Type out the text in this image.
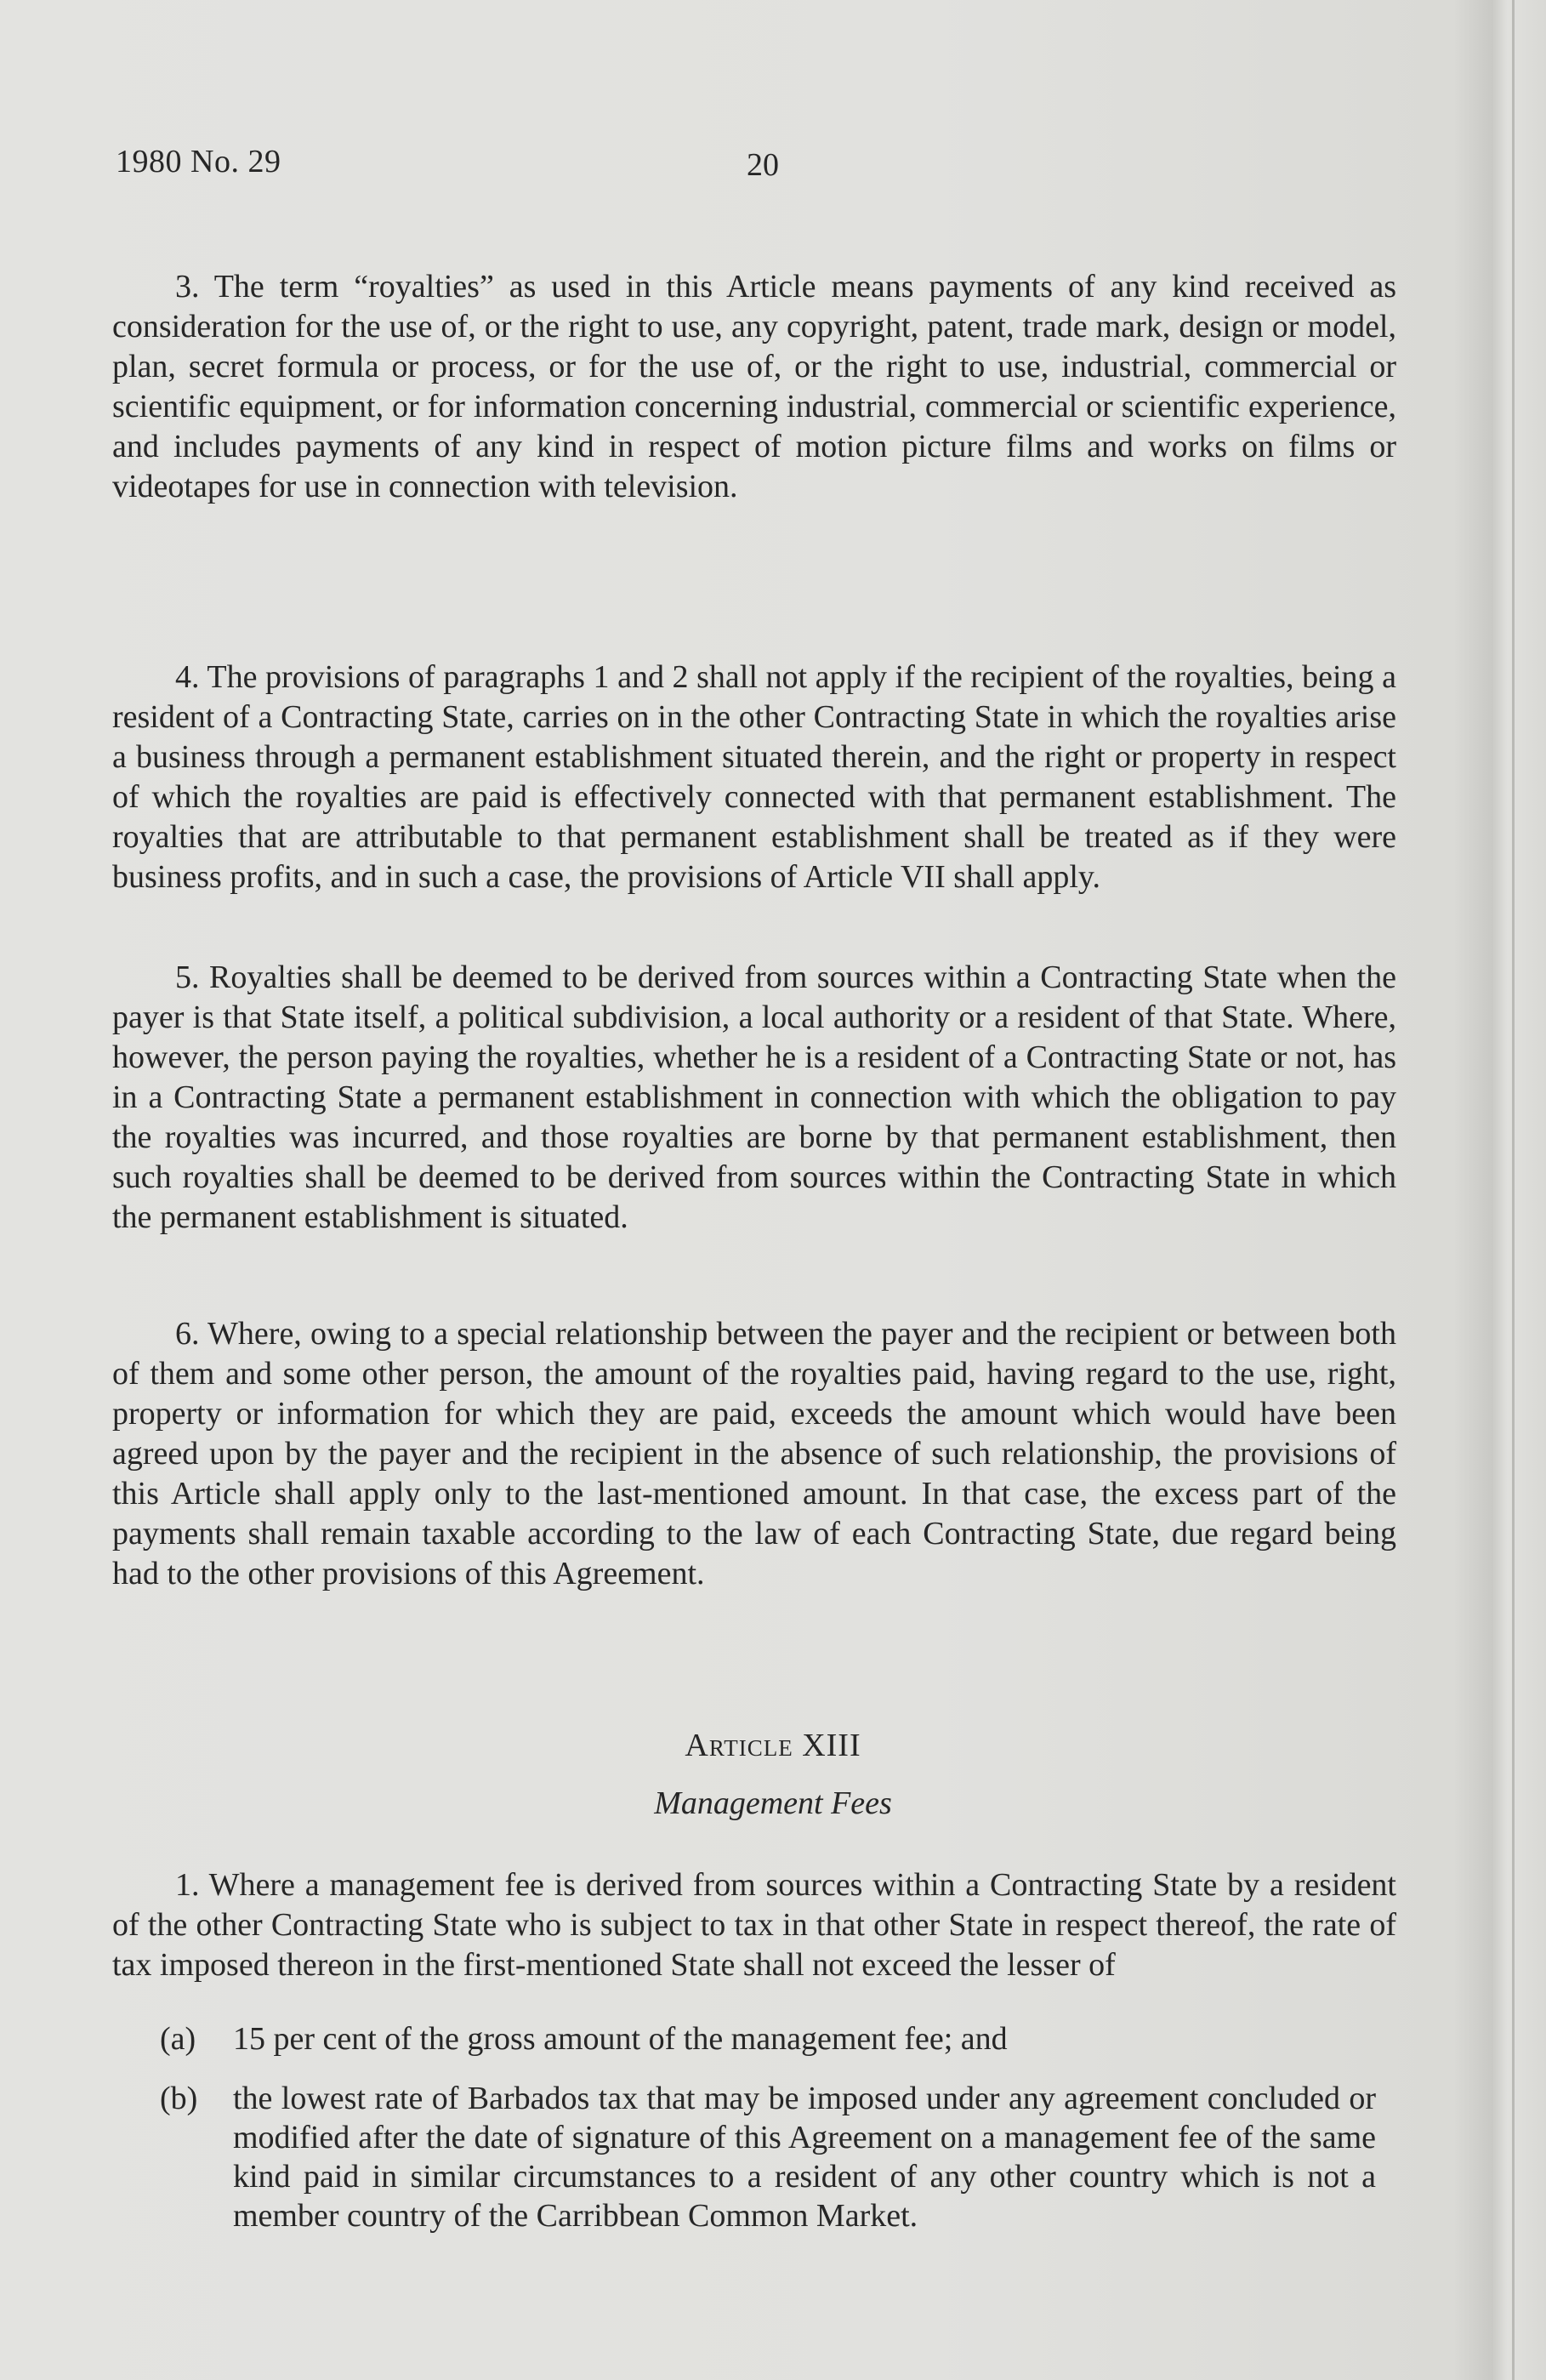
1980 No. 29	20

3. The term “royalties” as used in this Article means payments of any kind received as consideration for the use of, or the right to use, any copyright, patent, trade mark, design or model, plan, secret formula or process, or for the use of, or the right to use, industrial, commercial or scientific equipment, or for information concerning industrial, commercial or scientific experience, and includes payments of any kind in respect of motion picture films and works on films or videotapes for use in connection with television.

4. The provisions of paragraphs 1 and 2 shall not apply if the recipient of the royalties, being a resident of a Contracting State, carries on in the other Contracting State in which the royalties arise a business through a permanent establishment situated therein, and the right or property in respect of which the royalties are paid is effectively connected with that permanent establishment. The royalties that are attributable to that permanent establishment shall be treated as if they were business profits, and in such a case, the provisions of Article VII shall apply.

5. Royalties shall be deemed to be derived from sources within a Contracting State when the payer is that State itself, a political subdivision, a local authority or a resident of that State. Where, however, the person paying the royalties, whether he is a resident of a Contracting State or not, has in a Contracting State a permanent establishment in connection with which the obligation to pay the royalties was incurred, and those royalties are borne by that permanent establishment, then such royalties shall be deemed to be derived from sources within the Contracting State in which the permanent establishment is situated.

6. Where, owing to a special relationship between the payer and the recipient or between both of them and some other person, the amount of the royalties paid, having regard to the use, right, property or information for which they are paid, exceeds the amount which would have been agreed upon by the payer and the recipient in the absence of such relationship, the provisions of this Article shall apply only to the last-mentioned amount. In that case, the excess part of the payments shall remain taxable according to the law of each Contracting State, due regard being had to the other provisions of this Agreement.

Article XIII
Management Fees

1. Where a management fee is derived from sources within a Contracting State by a resident of the other Contracting State who is subject to tax in that other State in respect thereof, the rate of tax imposed thereon in the first-mentioned State shall not exceed the lesser of

(a) 15 per cent of the gross amount of the management fee; and
(b) the lowest rate of Barbados tax that may be imposed under any agreement concluded or modified after the date of signature of this Agreement on a management fee of the same kind paid in similar circumstances to a resident of any other country which is not a member country of the Carribbean Common Market.
